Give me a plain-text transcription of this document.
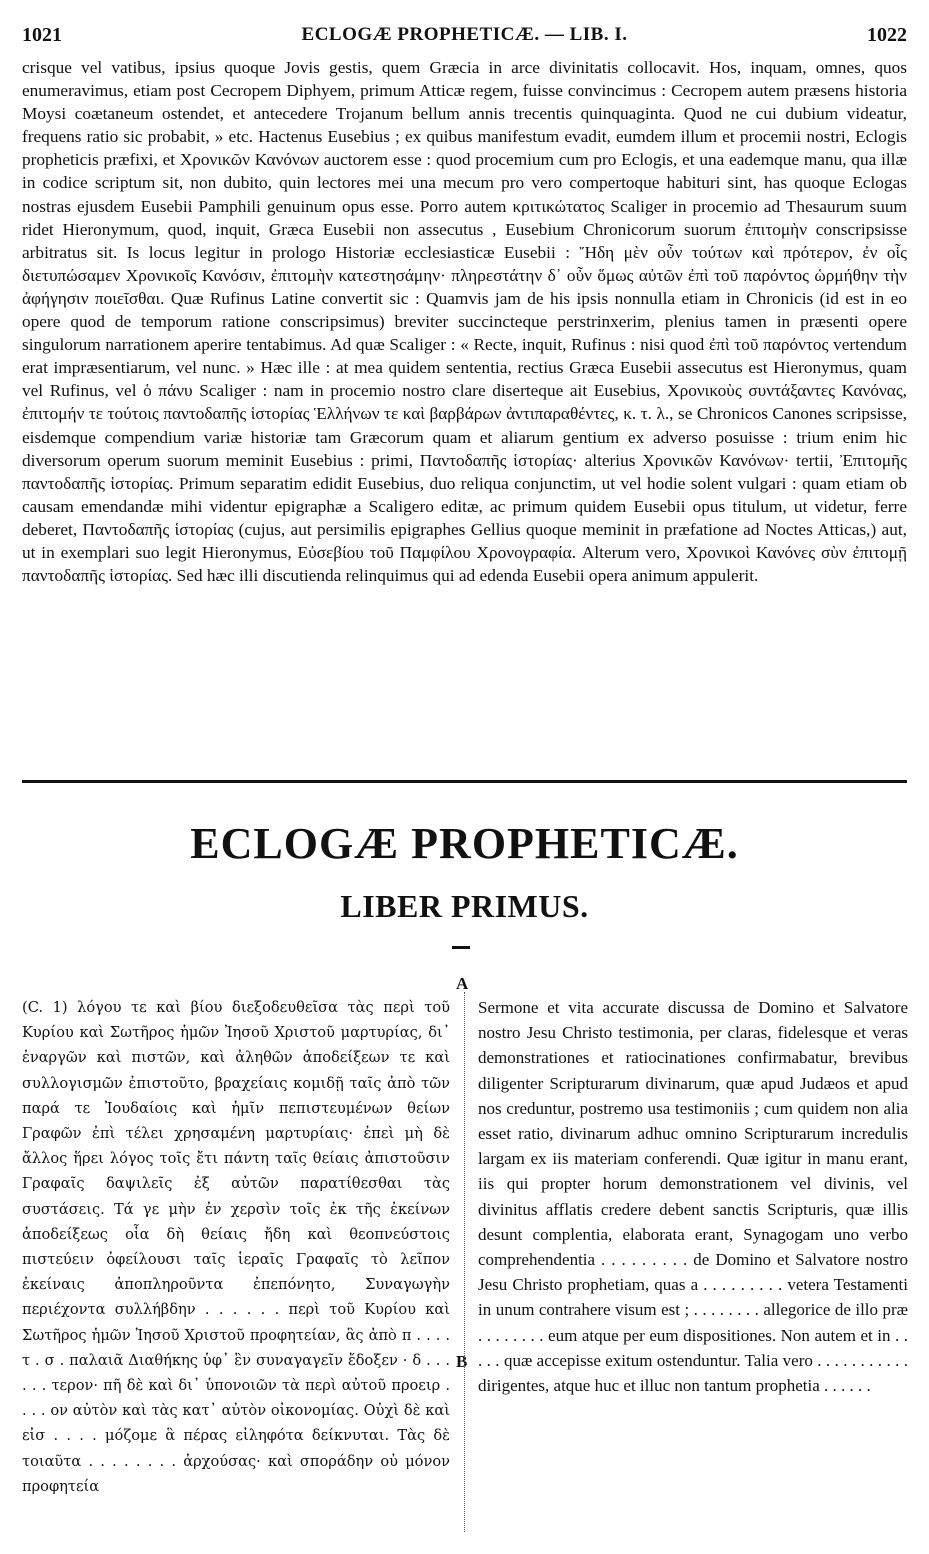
1021	ECLOGÆ PROPHETICÆ. — LIB. I.	1022

crisque vel vatibus, ipsius quoque Jovis gestis, quem Græcia in arce divinitatis collocavit. Hos, inquam, omnes, quos enumeravimus, etiam post Cecropem Diphyem, primum Atticæ regem, fuisse convincimus : Cecropem autem præsens historia Moysi coætaneum ostendet, et antecedere Trojanum bellum annis trecentis quinquaginta. Quod ne cui dubium videatur, frequens ratio sic probabit, » etc. Hactenus Eusebius ; ex quibus manifestum evadit, eumdem illum et procemii nostri, Eclogis propheticis præfixi, et Χρονικῶν Κανόνων auctorem esse : quod procemium cum pro Eclogis, et una eademque manu, qua illæ in codice scriptum sit, non dubito, quin lectores mei una mecum pro vero compertoque habituri sint, has quoque Eclogas nostras ejusdem Eusebii Pamphili genuinum opus esse. Porro autem κριτικώτατος Scaliger in procemio ad Thesaurum suum ridet Hieronymum, quod, inquit, Græca Eusebii non assecutus , Eusebium Chronicorum suorum ἐπιτομὴν conscripsisse arbitratus sit. Is locus legitur in prologo Historiæ ecclesiasticæ Eusebii : Ἤδη μὲν οὖν τούτων καὶ πρότερον, ἐν οἷς διετυπώσαμεν Χρονικοῖς Κανόσιν, ἐπιτομὴν κατεστησάμην· πληρεστάτην δ᾽ οὖν ὅμως αὐτῶν ἐπὶ τοῦ παρόντος ὡρμήθην τὴν ἀφήγησιν ποιεῖσθαι. Quæ Rufinus Latine convertit sic : Quamvis jam de his ipsis nonnulla etiam in Chronicis (id est in eo opere quod de temporum ratione conscripsimus) breviter succincteque perstrinxerim, plenius tamen in præsenti opere singulorum narrationem aperire tentabimus. Ad quæ Scaliger : « Recte, inquit, Rufinus : nisi quod ἐπὶ τοῦ παρόντος vertendum erat impræsentiarum, vel nunc. » Hæc ille : at mea quidem sententia, rectius Græca Eusebii assecutus est Hieronymus, quam vel Rufinus, vel ὁ πάνυ Scaliger : nam in procemio nostro clare diserteque ait Eusebius, Χρονικοὺς συντάξαντες Κανόνας, ἐπιτομήν τε τούτοις παντοδαπῆς ἱστορίας Ἑλλήνων τε καὶ βαρβάρων ἀντιπαραθέντες, κ. τ. λ., se Chronicos Canones scripsisse, eisdemque compendium variæ historiæ tam Græcorum quam et aliarum gentium ex adverso posuisse : trium enim hic diversorum operum suorum meminit Eusebius : primi, Παντοδαπῆς ἱστορίας· alterius Χρονικῶν Κανόνων· tertii, Ἐπιτομῆς παντοδαπῆς ἱστορίας. Primum separatim edidit Eusebius, duo reliqua conjunctim, ut vel hodie solent vulgari : quam etiam ob causam emendandæ mihi videntur epigraphæ a Scaligero editæ, ac primum quidem Eusebii opus titulum, ut videtur, ferre deberet, Παντοδαπῆς ἱστορίας (cujus, aut persimilis epigraphes Gellius quoque meminit in præfatione ad Noctes Atticas,) aut, ut in exemplari suo legit Hieronymus, Εὐσεβίου τοῦ Παμφίλου Χρονογραφία. Alterum vero, Χρονικοὶ Κανόνες σὺν ἐπιτομῇ παντοδαπῆς ἱστορίας. Sed hæc illi discutienda relinquimus qui ad edenda Eusebii opera animum appulerit.

ECLOGÆ PROPHETICÆ.
LIBER PRIMUS.
A
B

(C. 1) λόγου τε καὶ βίου διεξοδευθεῖσα τὰς περὶ τοῦ Κυρίου καὶ Σωτῆρος ἡμῶν Ἰησοῦ Χριστοῦ μαρτυρίας, δι᾽ ἐναργῶν καὶ πιστῶν, καὶ ἀληθῶν ἀποδείξεων τε καὶ συλλογισμῶν ἐπιστοῦτο, βραχείαις κομιδῇ ταῖς ἀπὸ τῶν παρά τε Ἰουδαίοις καὶ ἡμῖν πεπιστευμένων θείων Γραφῶν ἐπὶ τέλει χρησαμένη μαρτυρίαις· ἐπεὶ μὴ δὲ ἄλλος ἥρει λόγος τοῖς ἔτι πάντη ταῖς θείαις ἀπιστοῦσιν Γραφαῖς δαψιλεῖς ἐξ αὐτῶν παρατίθεσθαι τὰς συστάσεις. Τά γε μὴν ἐν χερσὶν τοῖς ἐκ τῆς ἐκείνων ἀποδείξεως οἷα δὴ θείαις ἤδη καὶ θεοπνεύστοις πιστεύειν ὀφείλουσι ταῖς ἱεραῖς Γραφαῖς τὸ λεῖπον ἐκείναις ἀποπληροῦντα ἐπεπόνητο, Συναγωγὴν περιέχοντα συλλήβδην . . . . . . περὶ τοῦ Κυρίου καὶ Σωτῆρος ἡμῶν Ἰησοῦ Χριστοῦ προφητείαν, ἃς ἀπὸ π . . . . τ . σ . παλαιᾶ Διαθήκης ὑφ᾽ ἓν συναγαγεῖν ἔδοξεν · δ . . . . . . τερον· πῆ δὲ καὶ δι᾽ ὑπονοιῶν τὰ περὶ αὐτοῦ προειρ . . . . ον αὐτὸν καὶ τὰς κατ᾽ αὐτὸν οἰκονομίας. Οὐχὶ δὲ καὶ εἰσ . . . . μόζομε ἃ πέρας εἰληφότα δείκνυται. Τὰς δὲ τοιαῦτα . . . . . . . . ἀρχούσας· καὶ σποράδην οὐ μόνον προφητεία

Sermone et vita accurate discussa de Domino et Salvatore nostro Jesu Christo testimonia, per claras, fidelesque et veras demonstrationes et ratiocinationes confirmabatur, brevibus diligenter Scripturarum divinarum, quæ apud Judæos et apud nos creduntur, postremo usa testimoniis ; cum quidem non alia esset ratio, divinarum adhuc omnino Scripturarum incredulis largam ex iis materiam conferendi. Quæ igitur in manu erant, iis qui propter horum demonstrationem vel divinis, vel divinitus afflatis credere debent sanctis Scripturis, quæ illis desunt complentia, elaborata erant, Synagogam uno verbo comprehendentia . . . . . . . . . de Domino et Salvatore nostro Jesu Christo prophetiam, quas a . . . . . . . . . vetera Testamenti in unum contrahere visum est ; . . . . . . . . allegorice de illo præ . . . . . . . . eum atque per eum dispositiones. Non autem et in . . . . . quæ accepisse exitum ostenduntur. Talia vero . . . . . . . . . . . dirigentes, atque huc et illuc non tantum prophetia . . . . . .
